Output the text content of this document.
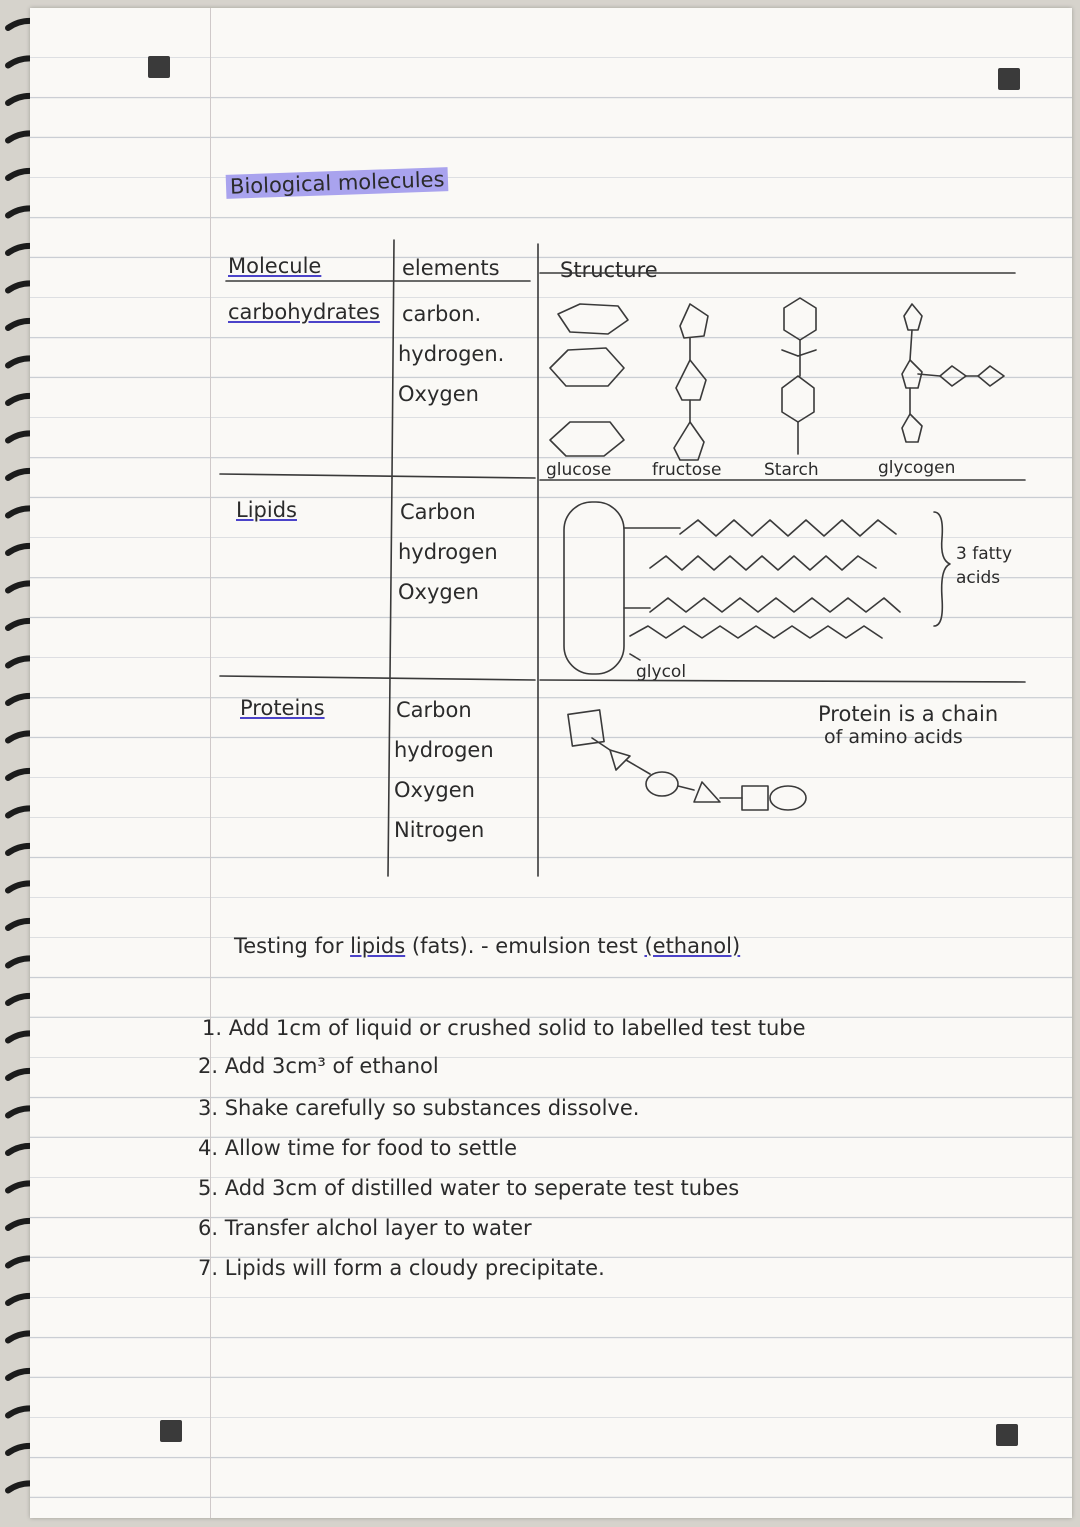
Biological molecules
Molecule	elements	Structure
carbohydrates carbon.
hydrogen.
Oxygen
Lipids	Carbon
hydrogen
Oxygen
Proteins	Carbon
hydrogen
Oxygen
Nitrogen
glucose fructose	Starch	glycogen
3 fatty
acids
glycol
Protein is a chain
of amino acids
Testing for lipids (fats). - emulsion test (ethanol)
1. Add 1cm of liquid or crushed solid to labelled test tube
2. Add 3cm³ of ethanol
3. Shake carefully so substances dissolve.
4. Allow time for food to settle
5. Add 3cm of distilled water to seperate test tubes
6. Transfer alchol layer to water
7. Lipids will form a cloudy precipitate.
